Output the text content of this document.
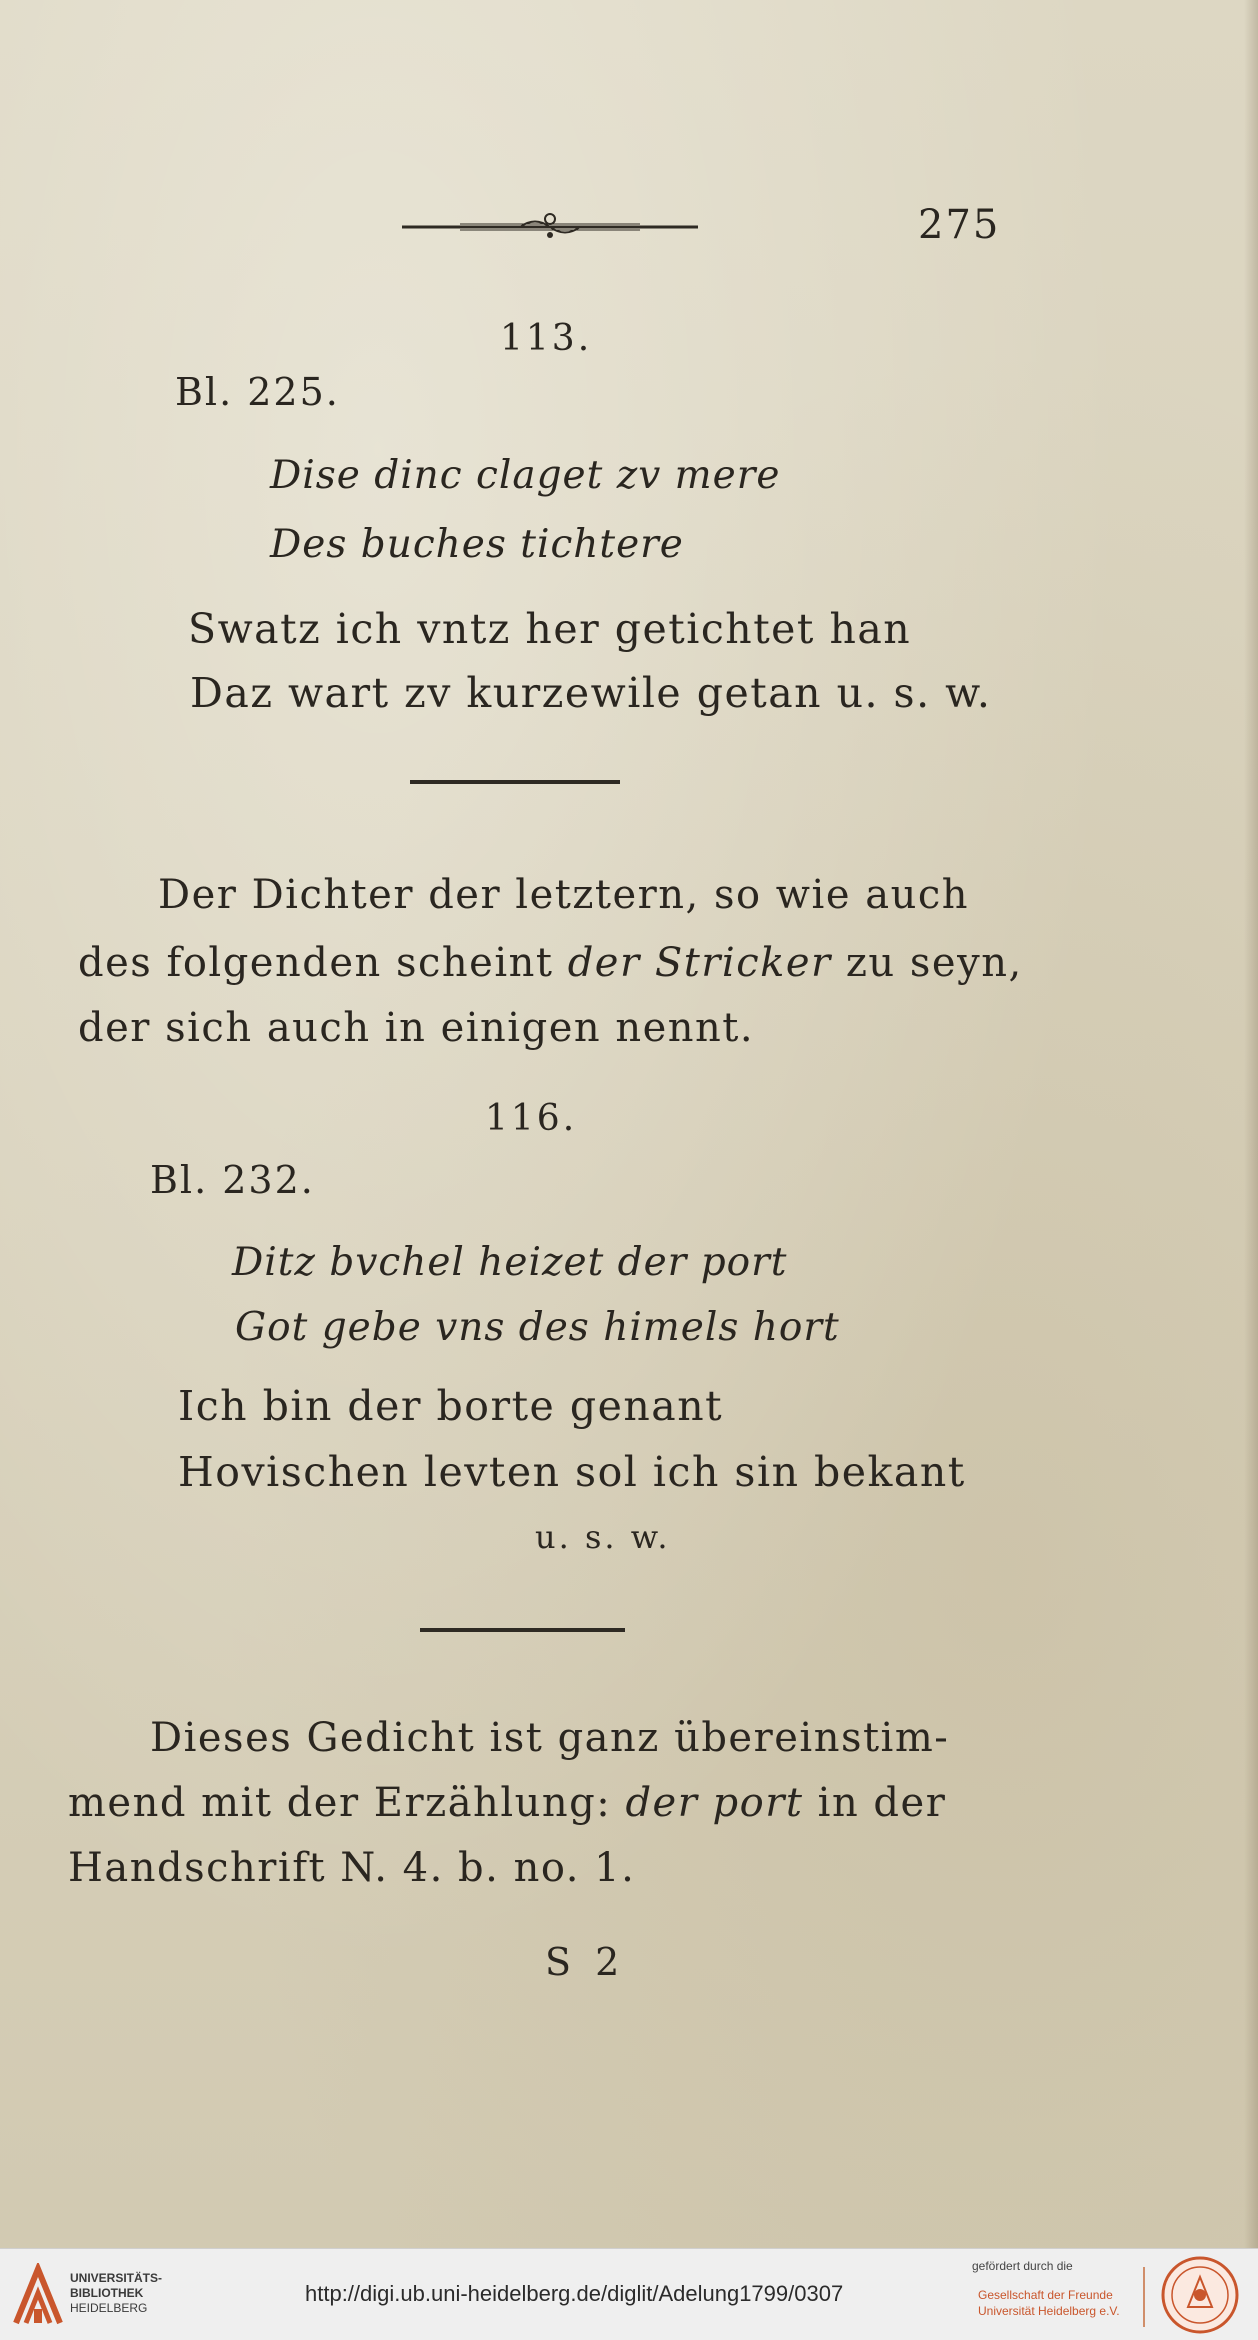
275
113.
Bl. 225.
Dise dinc claget zv mere
Des buches tichtere
Swatz ich vntz her getichtet han
Daz wart zv kurzewile getan u. s. w.
Der Dichter der letztern, so wie auch
des folgenden scheint der Stricker zu seyn,
der sich auch in einigen nennt.
116.
Bl. 232.
Ditz bvchel heizet der port
Got gebe vns des himels hort
Ich bin der borte genant
Hovischen levten sol ich sin bekant
u. s. w.
Dieses Gedicht ist ganz übereinstim-
mend mit der Erzählung: der port in der
Handschrift N. 4. b. no. 1.
S 2
UNIVERSITÄTS-
BIBLIOTHEK
HEIDELBERG
http://digi.ub.uni-heidelberg.de/diglit/Adelung1799/0307
gefördert durch die
Gesellschaft der Freunde
Universität Heidelberg e.V.
